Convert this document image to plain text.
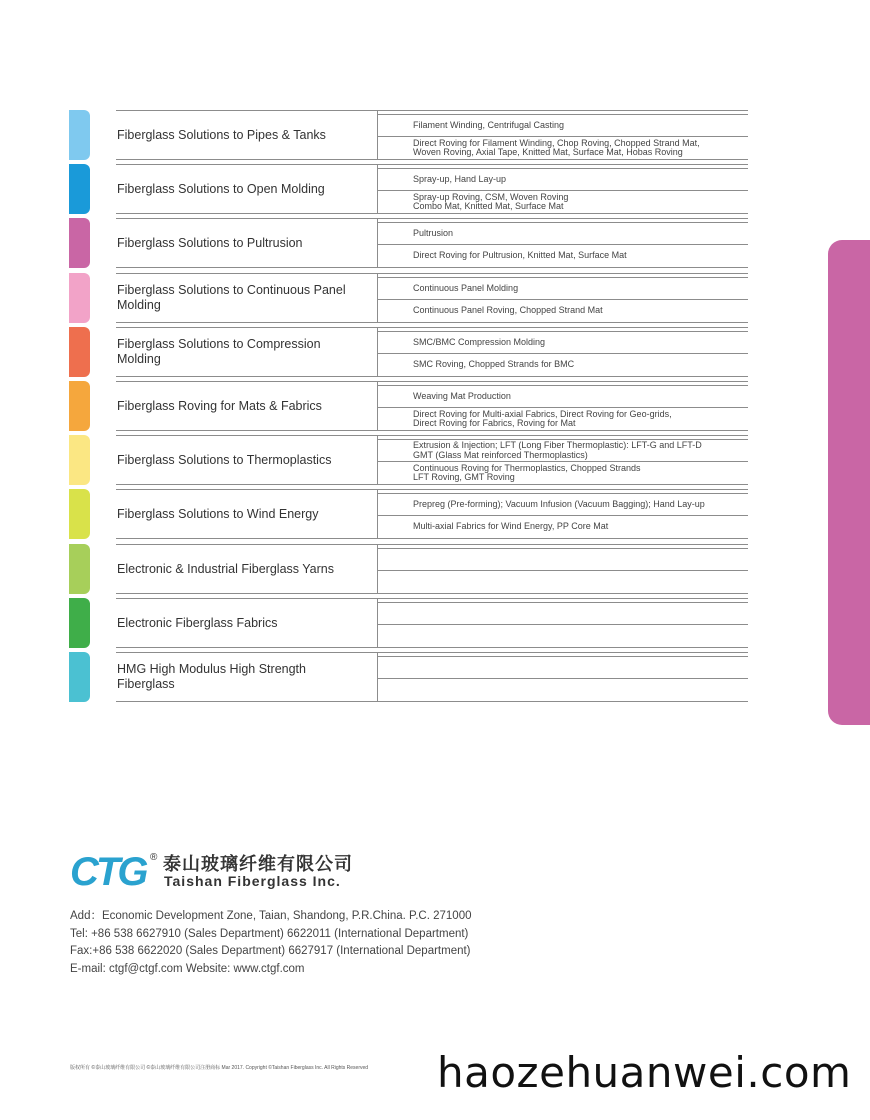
Fiberglass Solutions to Pipes & Tanks
Filament Winding, Centrifugal Casting
Direct Roving for Filament Winding, Chop Roving, Chopped Strand Mat,
Woven Roving, Axial Tape, Knitted Mat, Surface Mat, Hobas Roving
Fiberglass Solutions to Open Molding
Spray-up, Hand Lay-up
Spray-up Roving, CSM, Woven Roving
Combo Mat, Knitted Mat, Surface Mat
Fiberglass Solutions to Pultrusion
Pultrusion
Direct Roving for Pultrusion, Knitted Mat, Surface Mat
Fiberglass Solutions to Continuous Panel Molding
Continuous Panel Molding
Continuous Panel Roving, Chopped Strand Mat
Fiberglass Solutions to Compression Molding
SMC/BMC Compression Molding
SMC Roving, Chopped Strands for BMC
Fiberglass Roving for Mats & Fabrics
Weaving Mat Production
Direct Roving for Multi-axial Fabrics, Direct Roving for Geo-grids,
Direct Roving for Fabrics, Roving for Mat
Fiberglass Solutions to Thermoplastics
Extrusion & Injection; LFT (Long Fiber Thermoplastic): LFT-G and LFT-D
GMT (Glass Mat reinforced Thermoplastics)
Continuous Roving for Thermoplastics, Chopped Strands
LFT Roving, GMT Roving
Fiberglass Solutions to Wind Energy
Prepreg (Pre-forming); Vacuum Infusion (Vacuum Bagging); Hand Lay-up
Multi-axial Fabrics for Wind Energy, PP Core Mat
Electronic & Industrial Fiberglass Yarns
Electronic Fiberglass Fabrics
HMG High Modulus High Strength Fiberglass
CTG ® 泰山玻璃纤维有限公司
Taishan Fiberglass Inc.
Add：Economic Development Zone, Taian, Shandong, P.R.China. P.C. 271000
Tel: +86 538 6627910 (Sales Department) 6622011 (International Department)
Fax:+86 538 6622020 (Sales Department) 6627917 (International Department)
E-mail: ctgf@ctgf.com Website: www.ctgf.com
版权所有 ©泰山玻璃纤维有限公司 ©泰山玻璃纤维有限公司注册商标 Mar 2017. Copyright ©Taishan Fiberglass Inc. All Rights Reserved haozehuanwei.com
